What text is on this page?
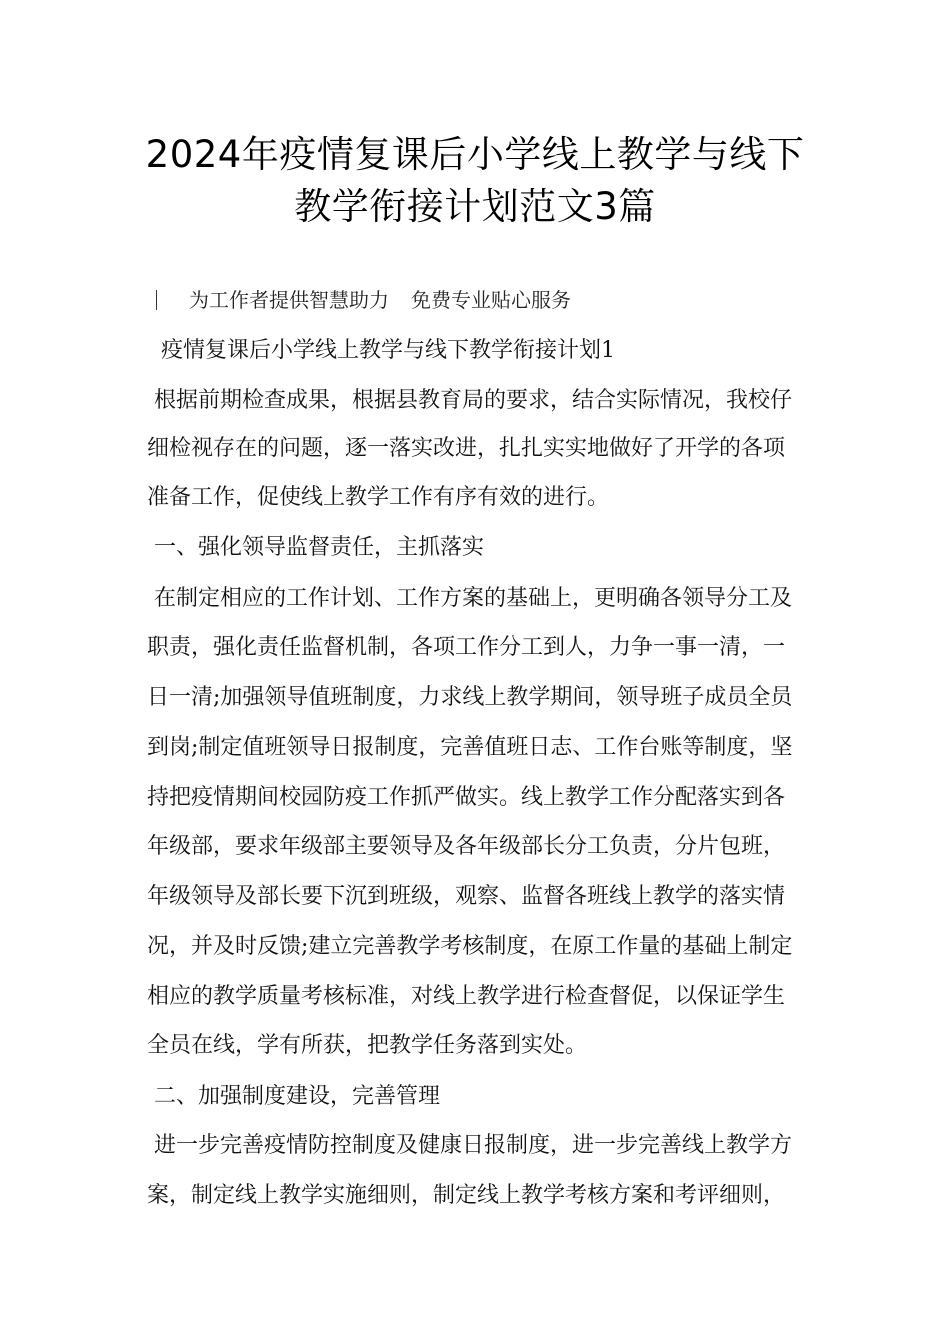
2024年疫情复课后小学线上教学与线下
教学衔接计划范文3篇
为工作者提供智慧助力 免费专业贴心服务
疫情复课后小学线上教学与线下教学衔接计划1
根据前期检查成果，根据县教育局的要求，结合实际情况，我校仔
细检视存在的问题，逐一落实改进，扎扎实实地做好了开学的各项
准备工作，促使线上教学工作有序有效的进行。
一、强化领导监督责任，主抓落实
在制定相应的工作计划、工作方案的基础上，更明确各领导分工及
职责，强化责任监督机制，各项工作分工到人，力争一事一清，一
日一清;加强领导值班制度，力求线上教学期间，领导班子成员全员
到岗;制定值班领导日报制度，完善值班日志、工作台账等制度，坚
持把疫情期间校园防疫工作抓严做实。线上教学工作分配落实到各
年级部，要求年级部主要领导及各年级部长分工负责，分片包班，
年级领导及部长要下沉到班级，观察、监督各班线上教学的落实情
况，并及时反馈;建立完善教学考核制度，在原工作量的基础上制定
相应的教学质量考核标准，对线上教学进行检查督促，以保证学生
全员在线，学有所获，把教学任务落到实处。
二、加强制度建设，完善管理
进一步完善疫情防控制度及健康日报制度，进一步完善线上教学方
案，制定线上教学实施细则，制定线上教学考核方案和考评细则，
